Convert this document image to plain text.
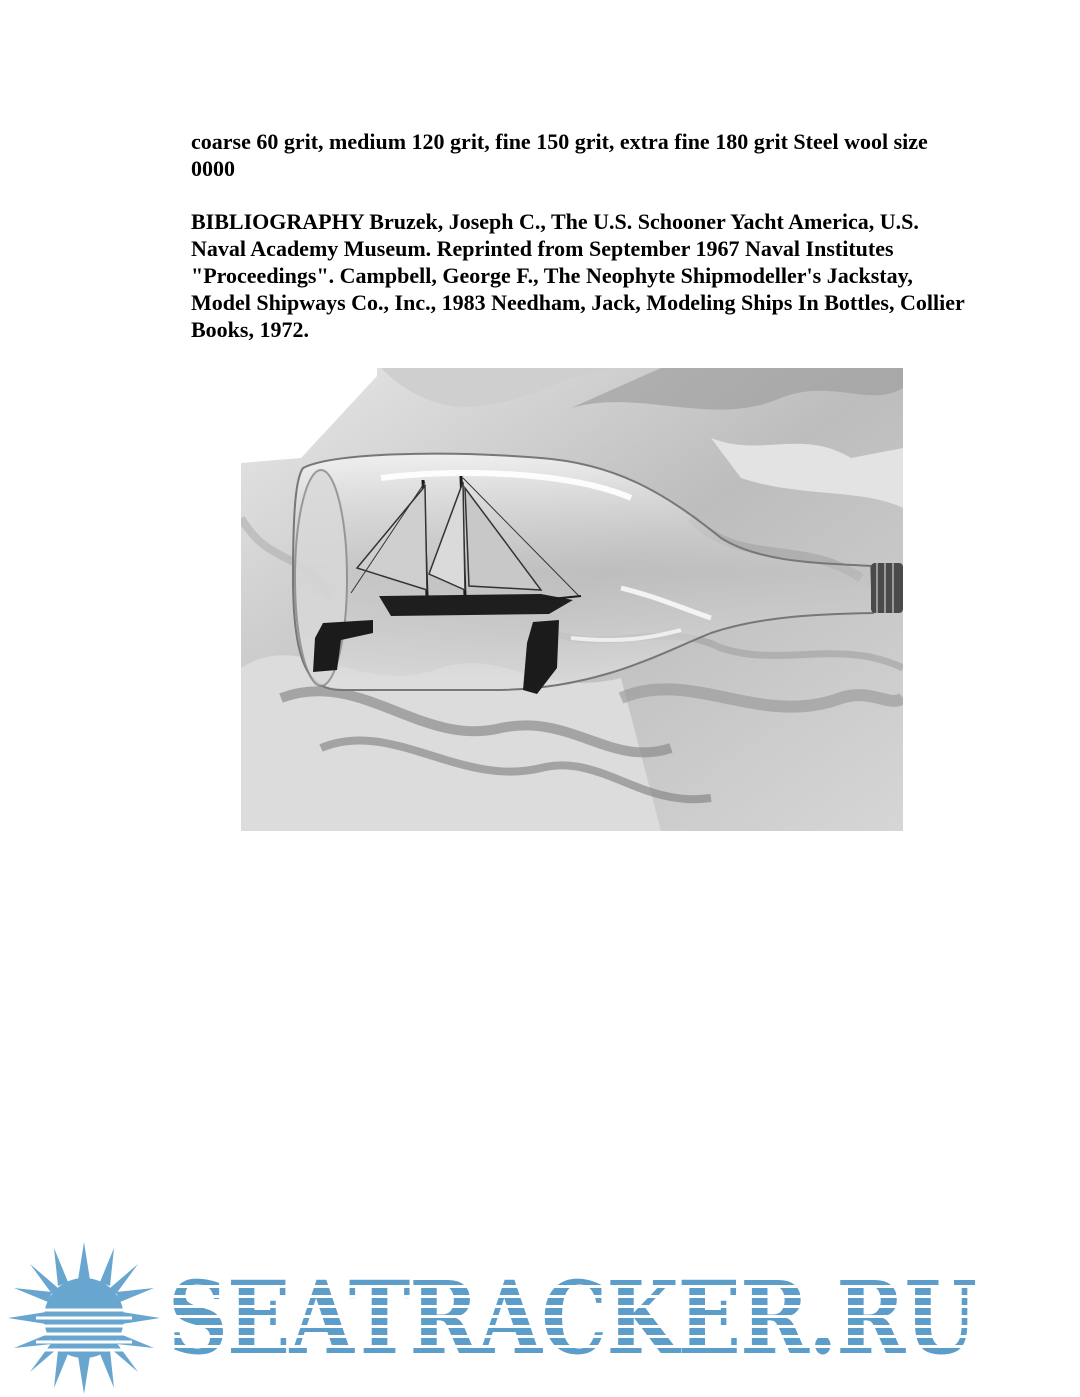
coarse 60 grit, medium 120 grit, fine 150 grit, extra fine 180 grit Steel wool size 0000

BIBLIOGRAPHY Bruzek, Joseph C., The U.S. Schooner Yacht America, U.S. Naval Academy Museum. Reprinted from September 1967 Naval Institutes "Proceedings". Campbell, George F., The Neophyte Shipmodeller's Jackstay, Model Shipways Co., Inc., 1983 Needham, Jack, Modeling Ships In Bottles, Collier Books, 1972.

SEATRACKER.RU
